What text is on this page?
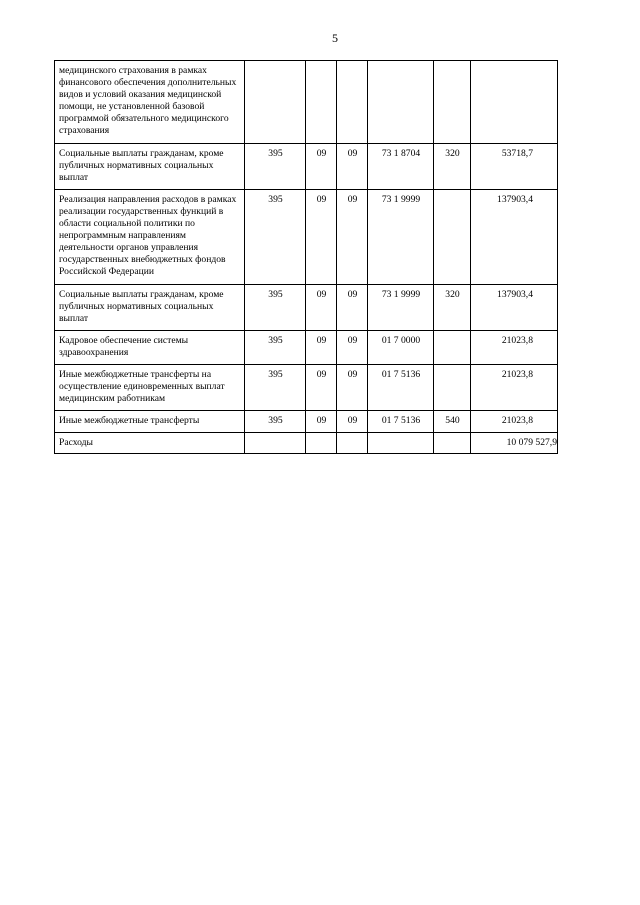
5
медицинского страхования в рамках финансового обеспечения дополнительных видов и условий оказания медицинской помощи, не установленной базовой программой обязательного медицинского страхования						
Социальные выплаты гражданам, кроме публичных нормативных социальных выплат	395	09	09	73 1 8704	320	53718,7
Реализация направления расходов в рамках реализации государственных функций в области социальной политики по непрограммным направлениям деятельности органов управления государственных внебюджетных фондов Российской Федерации	395	09	09	73 1 9999		137903,4
Социальные выплаты гражданам, кроме публичных нормативных социальных выплат	395	09	09	73 1 9999	320	137903,4
Кадровое обеспечение системы здравоохранения	395	09	09	01 7 0000		21023,8
Иные межбюджетные трансферты на осуществление единовременных выплат медицинским работникам	395	09	09	01 7 5136		21023,8
Иные межбюджетные трансферты	395	09	09	01 7 5136	540	21023,8
Расходы						10 079 527,9
